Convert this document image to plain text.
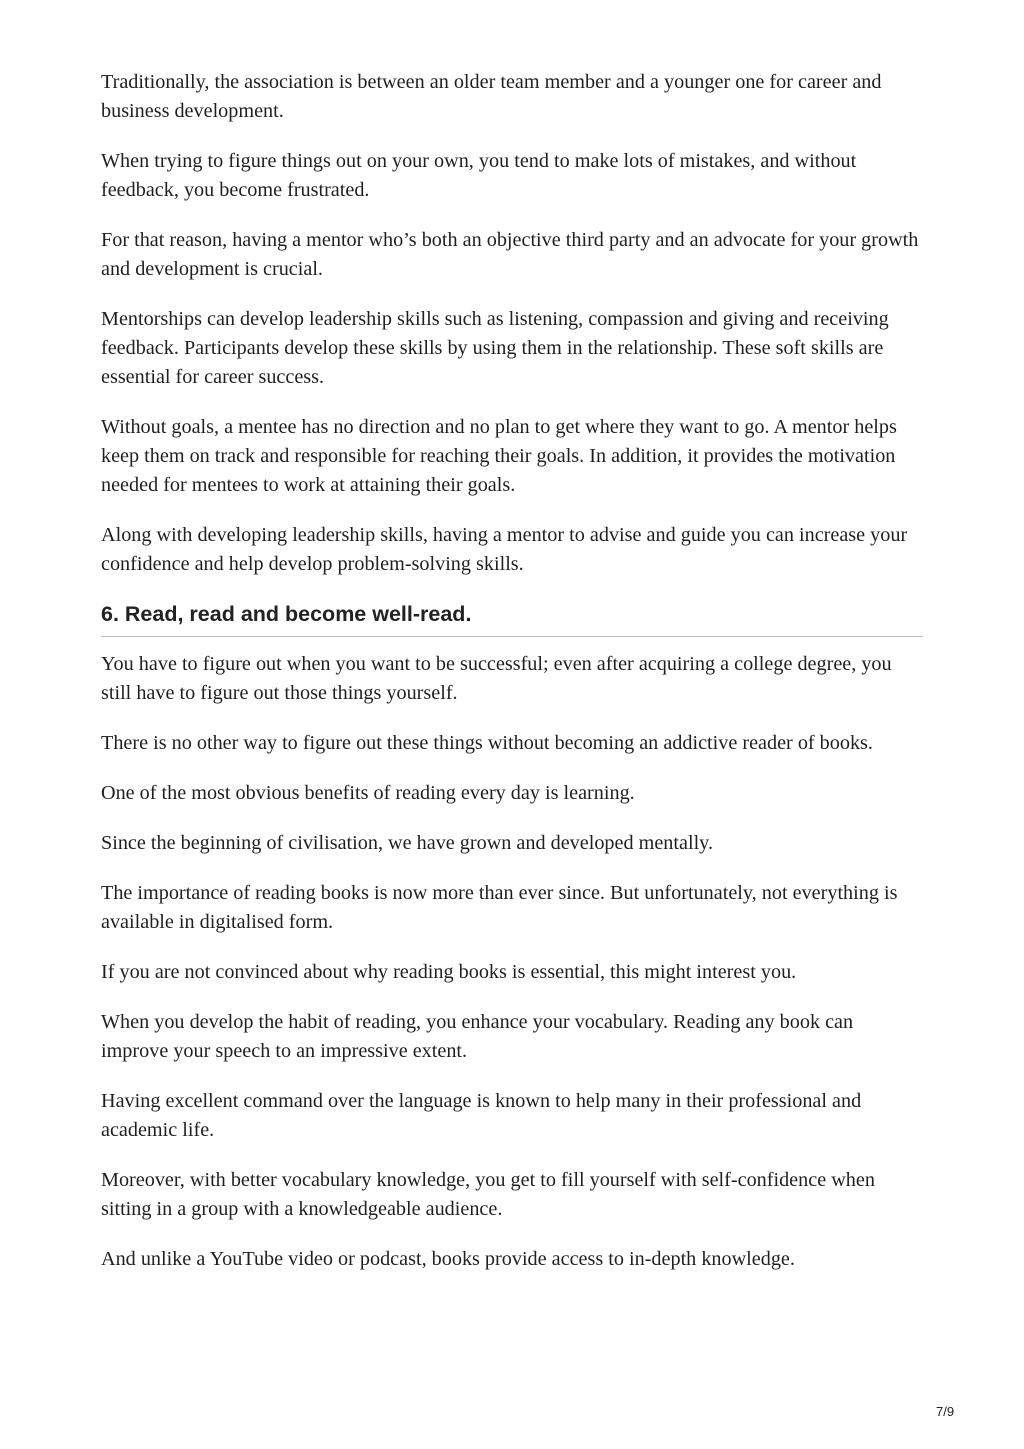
Traditionally, the association is between an older team member and a younger one for career and business development.

When trying to figure things out on your own, you tend to make lots of mistakes, and without feedback, you become frustrated.

For that reason, having a mentor who’s both an objective third party and an advocate for your growth and development is crucial.

Mentorships can develop leadership skills such as listening, compassion and giving and receiving feedback. Participants develop these skills by using them in the relationship. These soft skills are essential for career success.

Without goals, a mentee has no direction and no plan to get where they want to go. A mentor helps keep them on track and responsible for reaching their goals. In addition, it provides the motivation needed for mentees to work at attaining their goals.

Along with developing leadership skills, having a mentor to advise and guide you can increase your confidence and help develop problem-solving skills.

6. Read, read and become well-read.

You have to figure out when you want to be successful; even after acquiring a college degree, you still have to figure out those things yourself.

There is no other way to figure out these things without becoming an addictive reader of books.

One of the most obvious benefits of reading every day is learning.

Since the beginning of civilisation, we have grown and developed mentally.

The importance of reading books is now more than ever since. But unfortunately, not everything is available in digitalised form.

If you are not convinced about why reading books is essential, this might interest you.

When you develop the habit of reading, you enhance your vocabulary. Reading any book can improve your speech to an impressive extent.

Having excellent command over the language is known to help many in their professional and academic life.

Moreover, with better vocabulary knowledge, you get to fill yourself with self-confidence when sitting in a group with a knowledgeable audience.

And unlike a YouTube video or podcast, books provide access to in-depth knowledge.

7/9
